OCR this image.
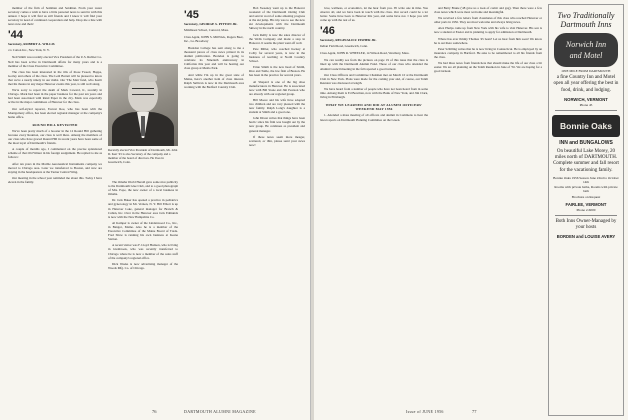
member of the firm of Seidman and Seidman. From your roster secretary comes a wish to have a little personal news to send in with this annual. I hope it will find us still friends and I know it will find your secretary in need of continued cooperation and help. Drop me a line with news now and then!

'44
Secretary, ROBERT A. WILLIS
c/o Cotton Inc., New York, N. Y.

Neil Smith was recently elected Vice President of the U.S. Rubber Co. Neil has been active in Dartmouth affairs for many years and is a member of the Class Executive Committee.

The class has been interested in the tilts of those Tweed, Hoppe, Gorley and others of the class. The Ledi Barrett will be pleased to know that we're a nearly ninety in our midst. Our 'The Man' fund, who hasn't met his theatre in any major Hanover events this year, is still well along.

We're sorry to report the death of Mark Coward, Jr., recently in Chicago. Mark had been in the paper business for the past ten years and had been associated with Rand Paper in the city. Mark was especially active in the major committees of Hanover for the class.

Our self-styled reporter, Forrest Roe, who has been with the Montgomery office, has been elected regional manager at the company's home office.

ROUND HILL REVISITED

We've been pretty much of a booster in the 12 Round Hill gathering because every Reunion, our class is well there. Among the members of our class who have graced Round Hill in recent years have been some of the most loyal of Dartmouth's friends.

A couple of months ago, I commented on the precise splendored scheme of that Old Winter in his foreign assignment. He replied to me as follows:

After ten years in the Marble Aeronautical Instruments company we moved to Chicago area. Later we transferred to Boston, and now are staying in the headquarters at the Turner Central Wing.

Our meeting in the school year reminded me about this. Today I have eleven in the family.

Recently elected Vice President of Dartmouth, Mr. John D. Kerr '45 is also Secretary of the company and a member of the board of directors. He lives in Greenwich, Conn.

The Omaha World Herald gave some nice publicity to the Dartmouth Glee Club, and to a good photograph of Mrs. Pope, the new owner of a local business in Omaha.

Dr. Jack Baker has opened a practice in pediatrics and gynecology in Mt. Vernon, N. Y. Bill Elliott is up in Hanover Lake, general manager for Branch & Cullen, Inc. Over in the Hanover area Jack Edmunds is now with the New Hampshire Co.

Al Kemper is owner of the Lindenwood Co., Inc., in Bangor, Maine. Also he is a member of the Executive Committee of the Maine Board of Trade. Fred Shaw is running his own business at Keene Station.

A recent visitor was F. Lloyd Hudson, who is living in Glenbrook, who was recently transferred to Chicago where he is now a member of the sales staff of the company's regional office.

Dick Weeks is now advertising manager of the Woods Mfg. Co. of Chicago.

'45
Secretary, GEORGE S. PITTON JR.
Middlesex School, Concord, Mass.
Class Agent, JOHN S. MONAG, Rogers Beer, Inc., La. Broadway

Brendon College has sent along to me a thousand pieces of class news printed in its alumni publication. Brendon is going to celebrate its Ninetieth anniversary in California this year and will be hosting our class group at Menlo Park.

And while I'm up in the great state of Maine, here's another item of class interest. Ralph Sullivan is now in the Dartmouth area working with the Bedford Country Club.

Bob Sweeney went up to the Hanover weekend of the Dartmouth Outing Club and sent in word of some amazing progress at the ski jump. His trip was to see the new ski developments with the Dartmouth Skiway in the north country.

Jack Reilly is now the sales director of the Wells Company and made a stop in Hanover. It seems the plant went off well.

Pete Miller, who coached hockey at Colby for several years, is now in the business of teaching at North Country School.

Ernie Smith is the new head of Smith, Rice and Tuttle, the law firm of Boston. He has been in the practice for several years.

Al Shepard is one of the big shoe manufacturers in Hanover. He is associated now with Bill Stone and Jim Pearson who are already with our regional group.

Bill Moore and his wife have adopted two children and are very pleased with the new family. Ralph Long's daughter is a student at Smith and a good one.

John Dixon writes that things have been hectic since his firm was bought out by the new group. He continues as president and general manager.

If these notes seem more meager, scattered, or thin, please send your news now!

76	DARTMOUTH ALUMNI MAGAZINE

love, wellness, or economics, let me hear from you. I'll write one in time. You observe all, and we have been in touch with the class. Our record could be a lot better. Some have been to Hanover this year, and some have not. I hope you will come up with the rest of us.

'46
Secretary, REGINALD F. FISHER JR.
Indian Field Road, Greenwich, Conn.
Class Agent, JOHN R. WHEELER, 14 Wilson Road, Westbury, Mass.

We can readily see from the pictures on page 19 of this issue that the class is lined up with the Dartmouth Alumni Fund. Those of our class who attended the Alumni Council meeting in the fall reported a good turnout.

Our Class Officers and Committee Chairmen met on March 10 at the Dartmouth Club in New York. Plans were made for the coming year and, of course, our Tenth Reunion was discussed at length.

We have heard from a number of people who have not been heard from in some time. Among them is Ed Bowman, now with the Bank of New York, and Jim Clark, living in Pittsburgh.

WHAT WE LEARNED AND DID AT ALUMNI OFFICERS' WEEKEND MAY 1956

1. Attended a mass meeting of all officers and alumni in Commons to hear the latest reports on Dartmouth Planning Committee on the Green.

and Betty Brune ('48 gave us a look of comic and gag). Then there were a few class notes which were most welcome and meaningful.

We received a few letters from classmates of this class who reached Hanover or other parts in 1956. They are most welcome and always bring news.

Alex Phelps came up from New York with his wife to visit Hanover. His son is now a student at Exeter and is planning to apply for admission at Dartmouth.

Where has ever Jimmy Thomas '45 been? Let us hear from him soon! We know he is out there somewhere.

Peter Schilling writes that he is now living in Connecticut. He is employed by an insurance company in Hartford. He asks to be remembered to all his friends from the class.

We had three notes from friends here that should make the life of our class a bit easier. We are all planning on the Tenth Reunion in June of '56. We are hoping for a good turnout.

Two Traditionally Dartmouth Inns
Norwich Inn
and Motel
ONE MILE FROM DARTMOUTH
a fine Country Inn and Motel open all year offering the best in food, drink, and lodging.
NORWICH, VERMONT
Phone 45
Bonnie Oaks
INN and BUNGALOWS
On beautiful Lake Morey, 20 miles north of DARTMOUTH. Complete summer and fall resort for the vacationing family.
Bonnie Oaks 1956 Season June 22nd to October 14th
Rooms with private baths, Rooms with private bath
Brochure on Request
FAIRLEE, VERMONT
Phone 2-6000
Both Inns Owner-Managed by your hosts
BORDEN and LOUISE AVERY
77
Issue of JUNE 1956
